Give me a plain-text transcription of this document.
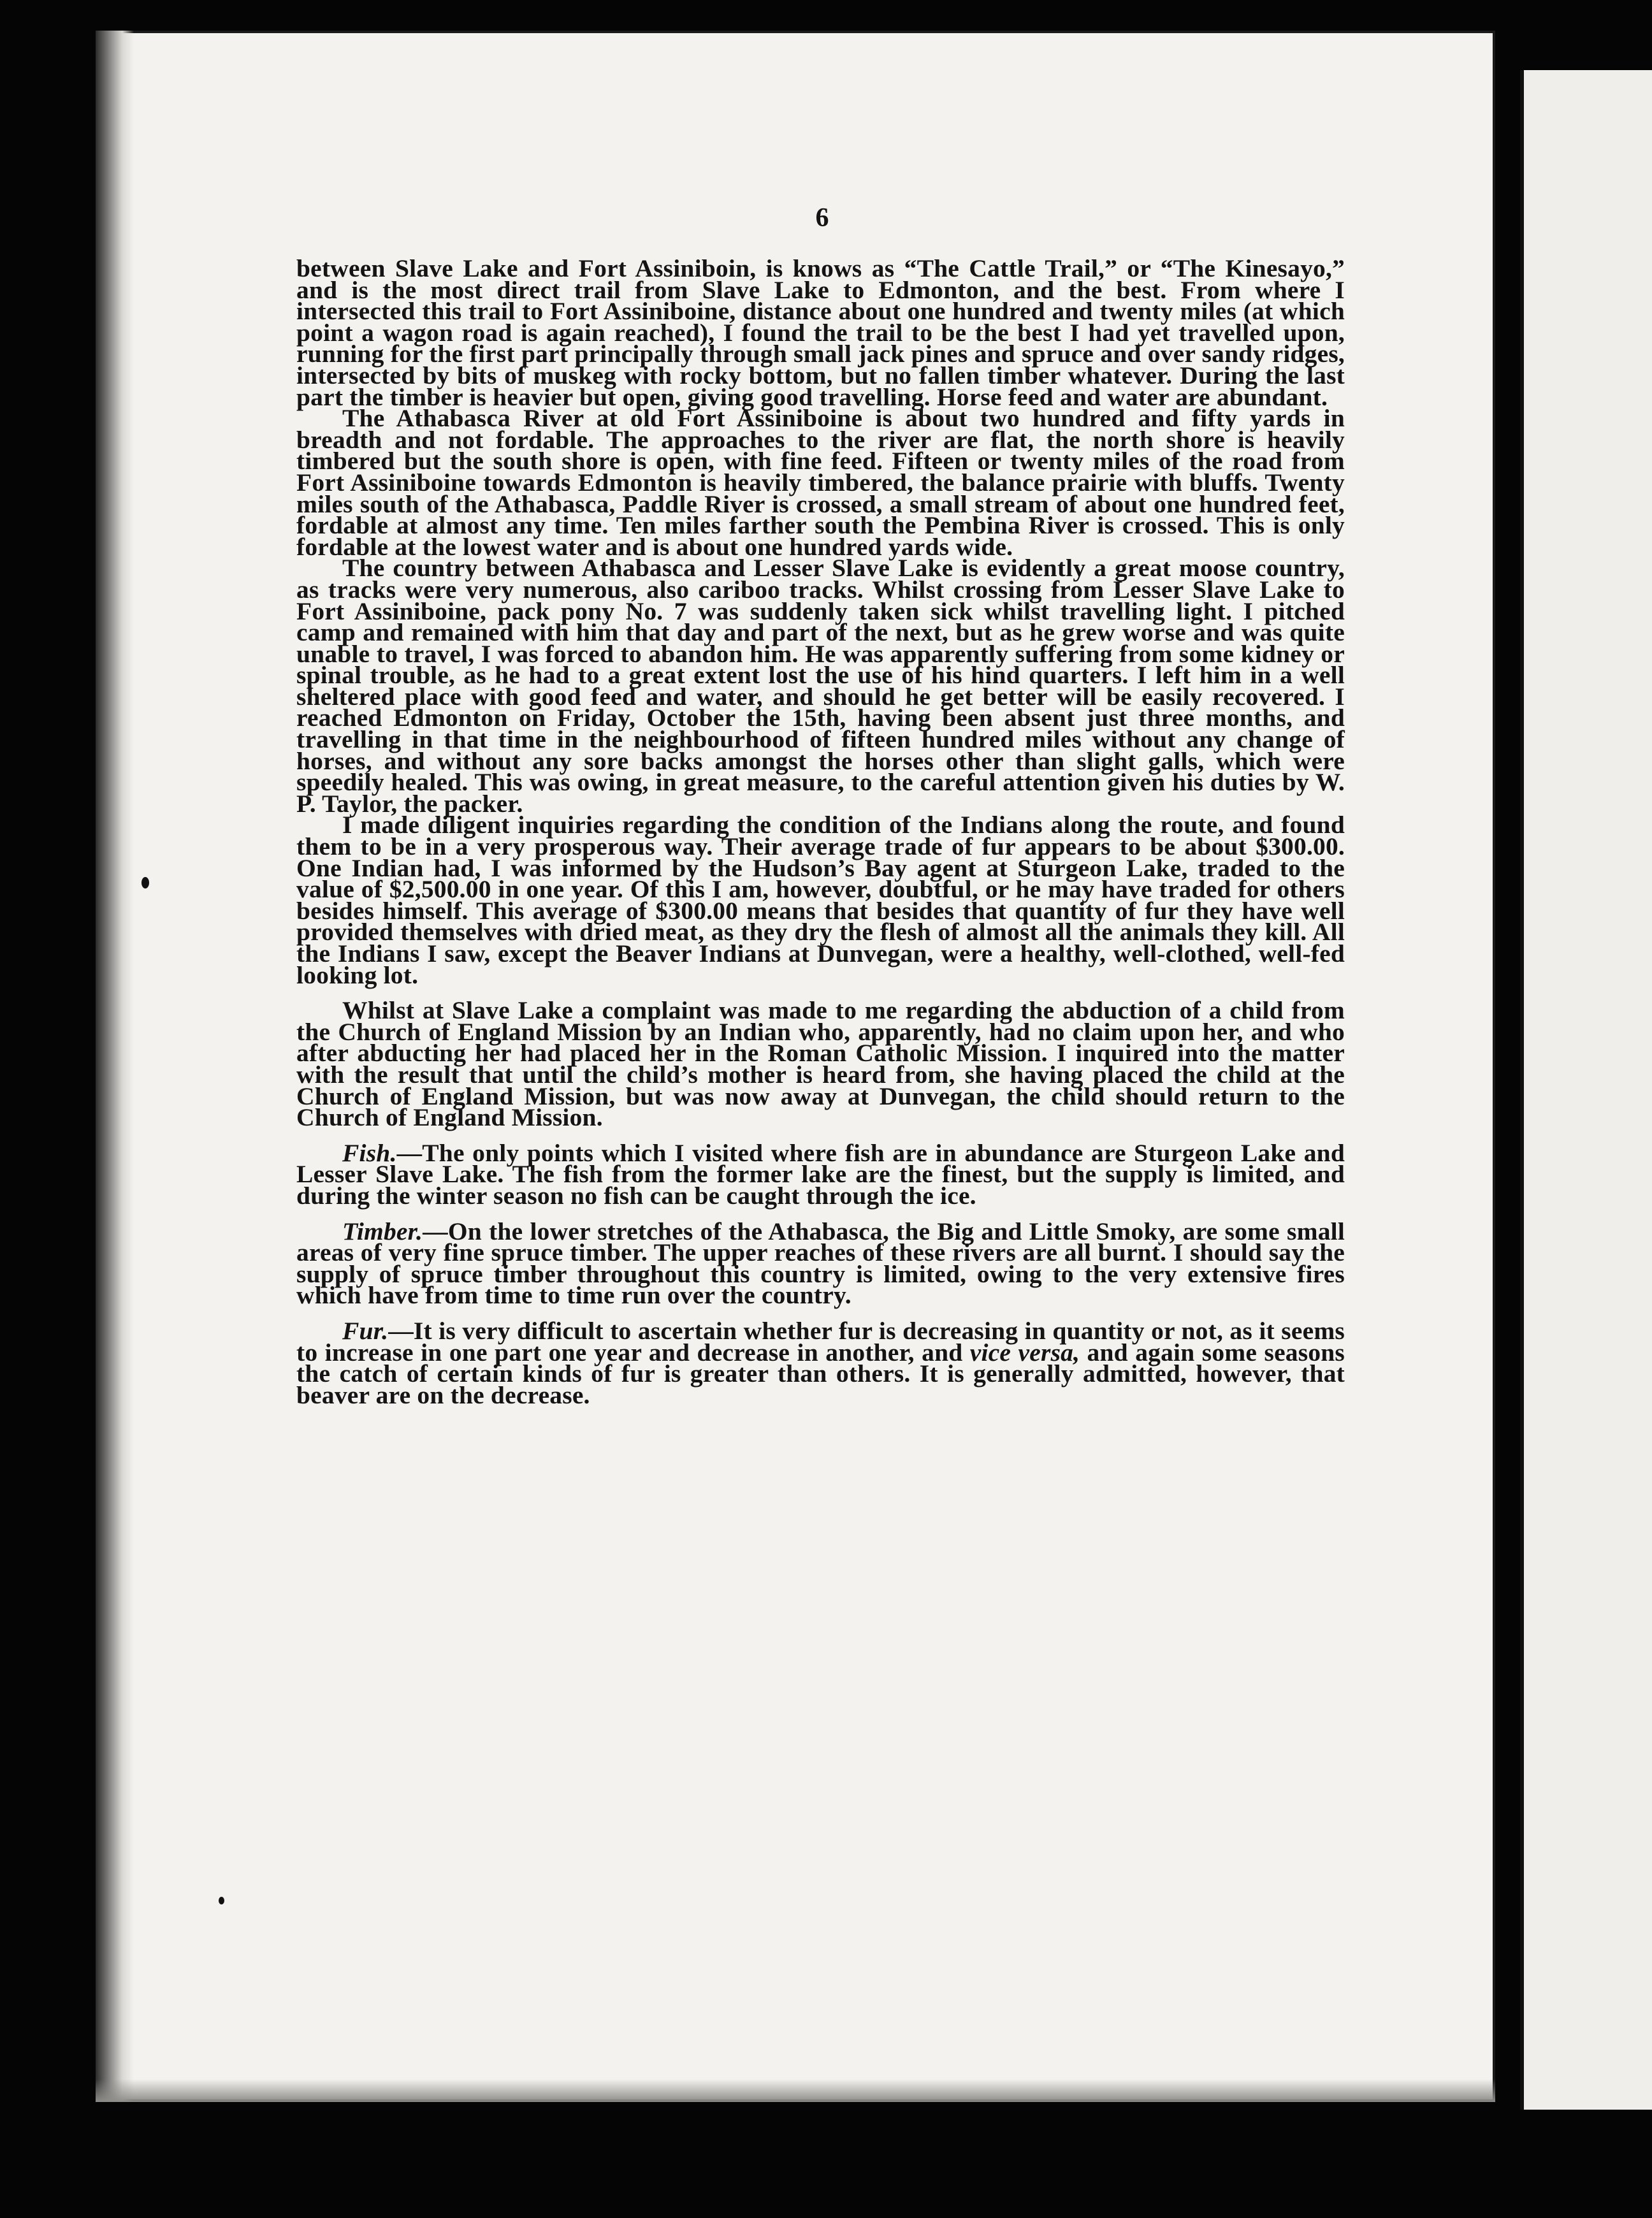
6

between Slave Lake and Fort Assiniboin, is knows as “The Cattle Trail,” or “The Kinesayo,” and is the most direct trail from Slave Lake to Edmonton, and the best. From where I intersected this trail to Fort Assiniboine, distance about one hundred and twenty miles (at which point a wagon road is again reached), I found the trail to be the best I had yet travelled upon, running for the first part principally through small jack pines and spruce and over sandy ridges, intersected by bits of muskeg with rocky bottom, but no fallen timber whatever. During the last part the timber is heavier but open, giving good travelling. Horse feed and water are abundant.

The Athabasca River at old Fort Assiniboine is about two hundred and fifty yards in breadth and not fordable. The approaches to the river are flat, the north shore is heavily timbered but the south shore is open, with fine feed. Fifteen or twenty miles of the road from Fort Assiniboine towards Edmonton is heavily timbered, the balance prairie with bluffs. Twenty miles south of the Athabasca, Paddle River is crossed, a small stream of about one hundred feet, fordable at almost any time. Ten miles farther south the Pembina River is crossed. This is only fordable at the lowest water and is about one hundred yards wide.

The country between Athabasca and Lesser Slave Lake is evidently a great moose country, as tracks were very numerous, also cariboo tracks. Whilst crossing from Lesser Slave Lake to Fort Assiniboine, pack pony No. 7 was suddenly taken sick whilst travelling light. I pitched camp and remained with him that day and part of the next, but as he grew worse and was quite unable to travel, I was forced to abandon him. He was apparently suffering from some kidney or spinal trouble, as he had to a great extent lost the use of his hind quarters. I left him in a well sheltered place with good feed and water, and should he get better will be easily recovered. I reached Edmonton on Friday, October the 15th, having been absent just three months, and travelling in that time in the neighbourhood of fifteen hundred miles without any change of horses, and without any sore backs amongst the horses other than slight galls, which were speedily healed. This was owing, in great measure, to the careful attention given his duties by W. P. Taylor, the packer.

I made diligent inquiries regarding the condition of the Indians along the route, and found them to be in a very prosperous way. Their average trade of fur appears to be about $300.00. One Indian had, I was informed by the Hudson’s Bay agent at Sturgeon Lake, traded to the value of $2,500.00 in one year. Of this I am, however, doubtful, or he may have traded for others besides himself. This average of $300.00 means that besides that quantity of fur they have well provided themselves with dried meat, as they dry the flesh of almost all the animals they kill. All the Indians I saw, except the Beaver Indians at Dunvegan, were a healthy, well-clothed, well-fed looking lot.

Whilst at Slave Lake a complaint was made to me regarding the abduction of a child from the Church of England Mission by an Indian who, apparently, had no claim upon her, and who after abducting her had placed her in the Roman Catholic Mission. I inquired into the matter with the result that until the child’s mother is heard from, she having placed the child at the Church of England Mission, but was now away at Dunvegan, the child should return to the Church of England Mission.

Fish.—The only points which I visited where fish are in abundance are Sturgeon Lake and Lesser Slave Lake. The fish from the former lake are the finest, but the supply is limited, and during the winter season no fish can be caught through the ice.

Timber.—On the lower stretches of the Athabasca, the Big and Little Smoky, are some small areas of very fine spruce timber. The upper reaches of these rivers are all burnt. I should say the supply of spruce timber throughout this country is limited, owing to the very extensive fires which have from time to time run over the country.

Fur.—It is very difficult to ascertain whether fur is decreasing in quantity or not, as it seems to increase in one part one year and decrease in another, and vice versa, and again some seasons the catch of certain kinds of fur is greater than others. It is generally admitted, however, that beaver are on the decrease.
